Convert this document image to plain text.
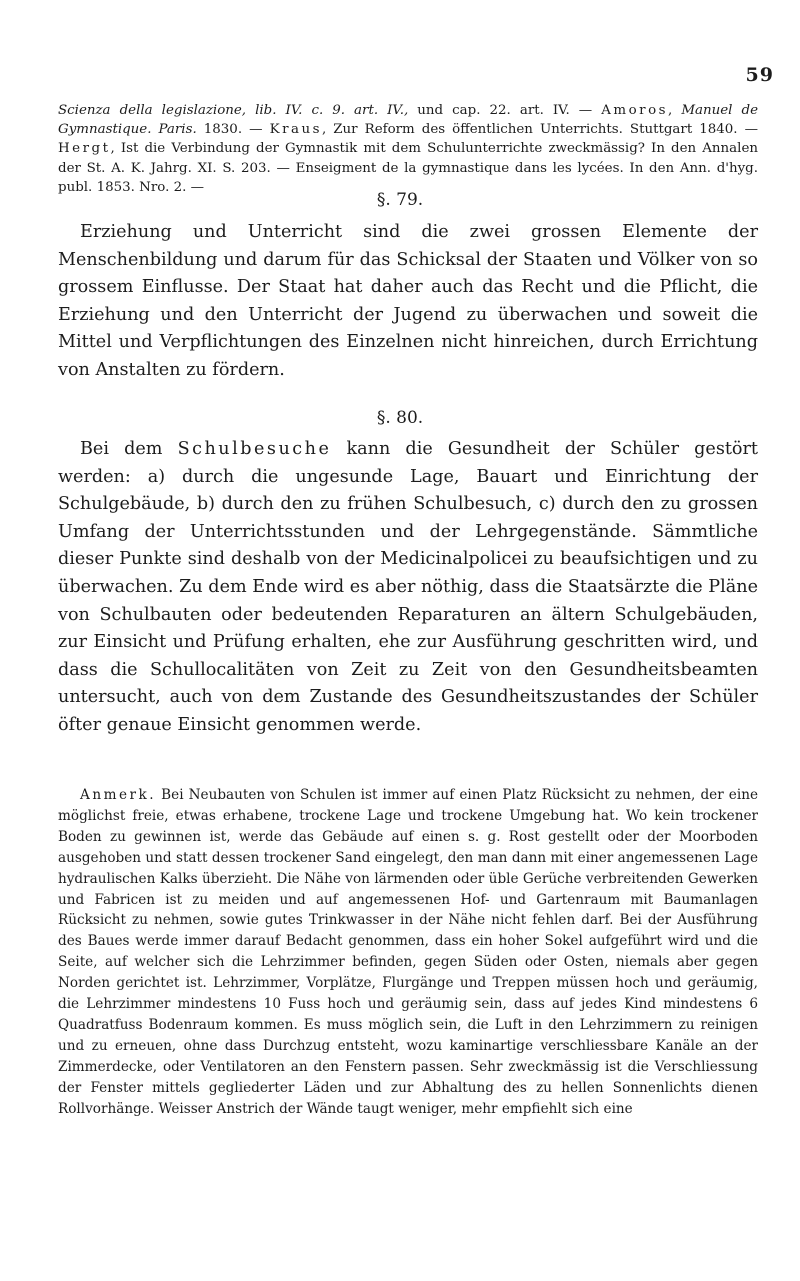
59
Scienza della legislazione, lib. IV. c. 9. art. IV., und cap. 22. art. IV. — Amoros, Manuel de Gymnastique. Paris. 1830. — Kraus, Zur Reform des öffentlichen Unterrichts. Stuttgart 1840. — Hergt, Ist die Verbindung der Gymnastik mit dem Schulunterrichte zweckmässig? In den Annalen der St. A. K. Jahrg. XI. S. 203. — Enseigment de la gymnastique dans les lycées. In den Ann. d'hyg. publ. 1853. Nro. 2. —
§. 79.

Erziehung und Unterricht sind die zwei grossen Elemente der Menschenbildung und darum für das Schicksal der Staaten und Völker von so grossem Einflusse. Der Staat hat daher auch das Recht und die Pflicht, die Erziehung und den Unterricht der Jugend zu überwachen und soweit die Mittel und Verpflichtungen des Einzelnen nicht hinreichen, durch Errichtung von Anstalten zu fördern.

§. 80.

Bei dem Schulbesuche kann die Gesundheit der Schüler gestört werden: a) durch die ungesunde Lage, Bauart und Einrichtung der Schulgebäude, b) durch den zu frühen Schulbesuch, c) durch den zu grossen Umfang der Unterrichtsstunden und der Lehrgegenstände. Sämmtliche dieser Punkte sind deshalb von der Medicinalpolicei zu beaufsichtigen und zu überwachen. Zu dem Ende wird es aber nöthig, dass die Staatsärzte die Pläne von Schulbauten oder bedeutenden Reparaturen an ältern Schulgebäuden, zur Einsicht und Prüfung erhalten, ehe zur Ausführung geschritten wird, und dass die Schullocalitäten von Zeit zu Zeit von den Gesundheitsbeamten untersucht, auch von dem Zustande des Gesundheitszustandes der Schüler öfter genaue Einsicht genommen werde.

Anmerk. Bei Neubauten von Schulen ist immer auf einen Platz Rücksicht zu nehmen, der eine möglichst freie, etwas erhabene, trockene Lage und trockene Umgebung hat. Wo kein trockener Boden zu gewinnen ist, werde das Gebäude auf einen s. g. Rost gestellt oder der Moorboden ausgehoben und statt dessen trockener Sand eingelegt, den man dann mit einer angemessenen Lage hydraulischen Kalks überzieht. Die Nähe von lärmenden oder üble Gerüche verbreitenden Gewerken und Fabricen ist zu meiden und auf angemessenen Hof- und Gartenraum mit Baumanlagen Rücksicht zu nehmen, sowie gutes Trinkwasser in der Nähe nicht fehlen darf. Bei der Ausführung des Baues werde immer darauf Bedacht genommen, dass ein hoher Sokel aufgeführt wird und die Seite, auf welcher sich die Lehrzimmer befinden, gegen Süden oder Osten, niemals aber gegen Norden gerichtet ist. Lehrzimmer, Vorplätze, Flurgänge und Treppen müssen hoch und geräumig, die Lehrzimmer mindestens 10 Fuss hoch und geräumig sein, dass auf jedes Kind mindestens 6 Quadratfuss Bodenraum kommen. Es muss möglich sein, die Luft in den Lehrzimmern zu reinigen und zu erneuen, ohne dass Durchzug entsteht, wozu kaminartige verschliessbare Kanäle an der Zimmerdecke, oder Ventilatoren an den Fenstern passen. Sehr zweckmässig ist die Verschliessung der Fenster mittels gegliederter Läden und zur Abhaltung des zu hellen Sonnenlichts dienen Rollvorhänge. Weisser Anstrich der Wände taugt weniger, mehr empfiehlt sich eine
